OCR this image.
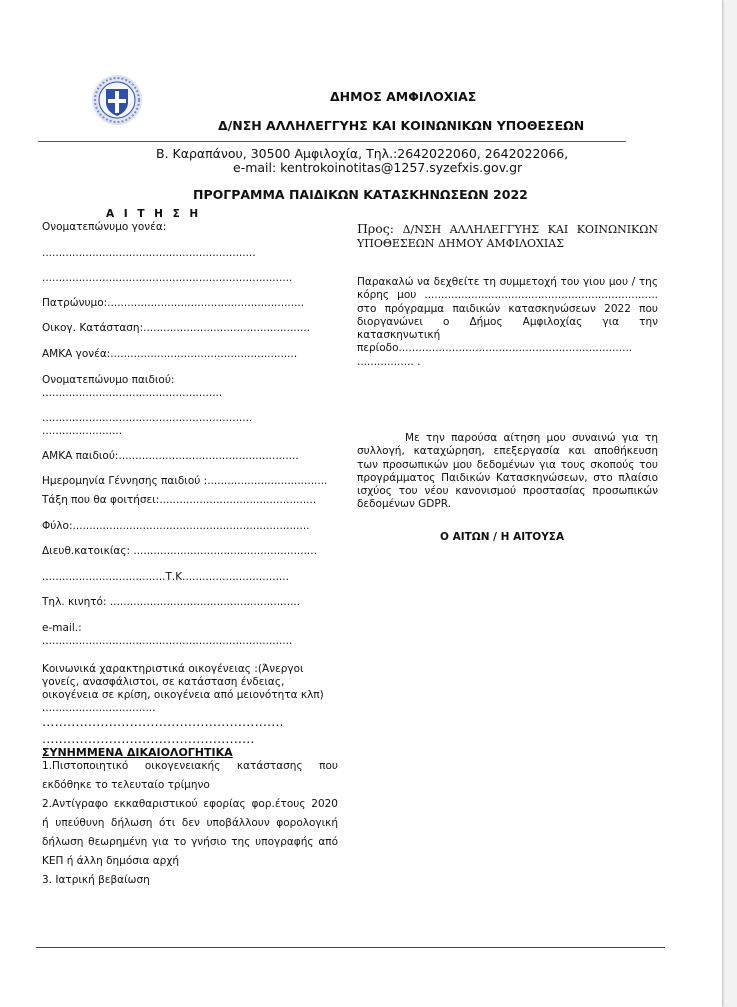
ΔΗΜΟΣ ΑΜΦΙΛΟΧΙΑΣ
Δ/ΝΣΗ ΑΛΛΗΛΕΓΓΥΗΣ ΚΑΙ ΚΟΙΝΩΝΙΚΩΝ ΥΠΟΘΕΣΕΩΝ
Β. Καραπάνου, 30500 Αμφιλοχία, Τηλ.:2642022060, 2642022066,
e-mail: kentrokoinotitas@1257.syzefxis.gov.gr
ΠΡΟΓΡΑΜΜΑ ΠΑΙΔΙΚΩΝ ΚΑΤΑΣΚΗΝΩΣΕΩΝ 2022
Α Ι Τ Η Σ Η
Ονοματεπώνυμο γονέα:
................................................................
...........................................................................
Πατρώνυμο:...........................................................
Οικογ. Κατάσταση:..................................................
ΑΜΚΑ γονέα:........................................................
Ονοματεπώνυμο παιδιού:
......................................................
...............................................................
........................
ΑΜΚΑ παιδιού:......................................................
Ημερομηνία Γέννησης παιδιού :....................................
Τάξη που θα φοιτήσει:...............................................
Φύλο:.......................................................................
Διευθ.κατοικίας: .......................................................
.....................................Τ.Κ................................
Τηλ. κινητό: .........................................................
e-mail.:
...........................................................................
Κοινωνικά χαρακτηριστικά οικογένειας :(Άνεργοι γονείς, ανασφάλιστοι, σε κατάσταση ένδειας, οικογένεια σε κρίση, οικογένεια από μειονότητα κλπ) ..................................
………………………………………………….
……………………………………………
ΣΥΝΗΜΜΕΝΑ ΔΙΚΑΙΟΛΟΓΗΤΙΚΑ
1.Πιστοποιητικό οικογενειακής κατάστασης που εκδόθηκε το τελευταίο τρίμηνο
2.Αντίγραφο εκκαθαριστικού εφορίας φορ.έτους 2020 ή υπεύθυνη δήλωση ότι δεν υποβάλλουν φορολογική δήλωση θεωρημένη για το γνήσιο της υπογραφής από ΚΕΠ ή άλλη δημόσια αρχή
3. Ιατρική βεβαίωση
Προς: Δ/ΝΣΗ ΑΛΛΗΛΕΓΓΥΗΣ ΚΑΙ ΚΟΙΝΩΝΙΚΩΝ ΥΠΟΘΕΣΕΩΝ ΔΗΜΟΥ ΑΜΦΙΛΟΧΙΑΣ
Παρακαλώ να δεχθείτε τη συμμετοχή του γιου μου / της κόρης μου ...................................................................... στο πρόγραμμα παιδικών κατασκηνώσεων 2022 που διοργανώνει ο Δήμος Αμφιλοχίας για την κατασκηνωτική περίοδο...................................................................... ................. .
Με την παρούσα αίτηση μου συναινώ για τη συλλογή, καταχώρηση, επεξεργασία και αποθήκευση των προσωπικών μου δεδομένων για τους σκοπούς του προγράμματος Παιδικών Κατασκηνώσεων, στο πλαίσιο ισχύος του νέου κανονισμού προστασίας προσωπικών δεδομένων GDPR.
Ο ΑΙΤΩΝ / Η ΑΙΤΟΥΣΑ
